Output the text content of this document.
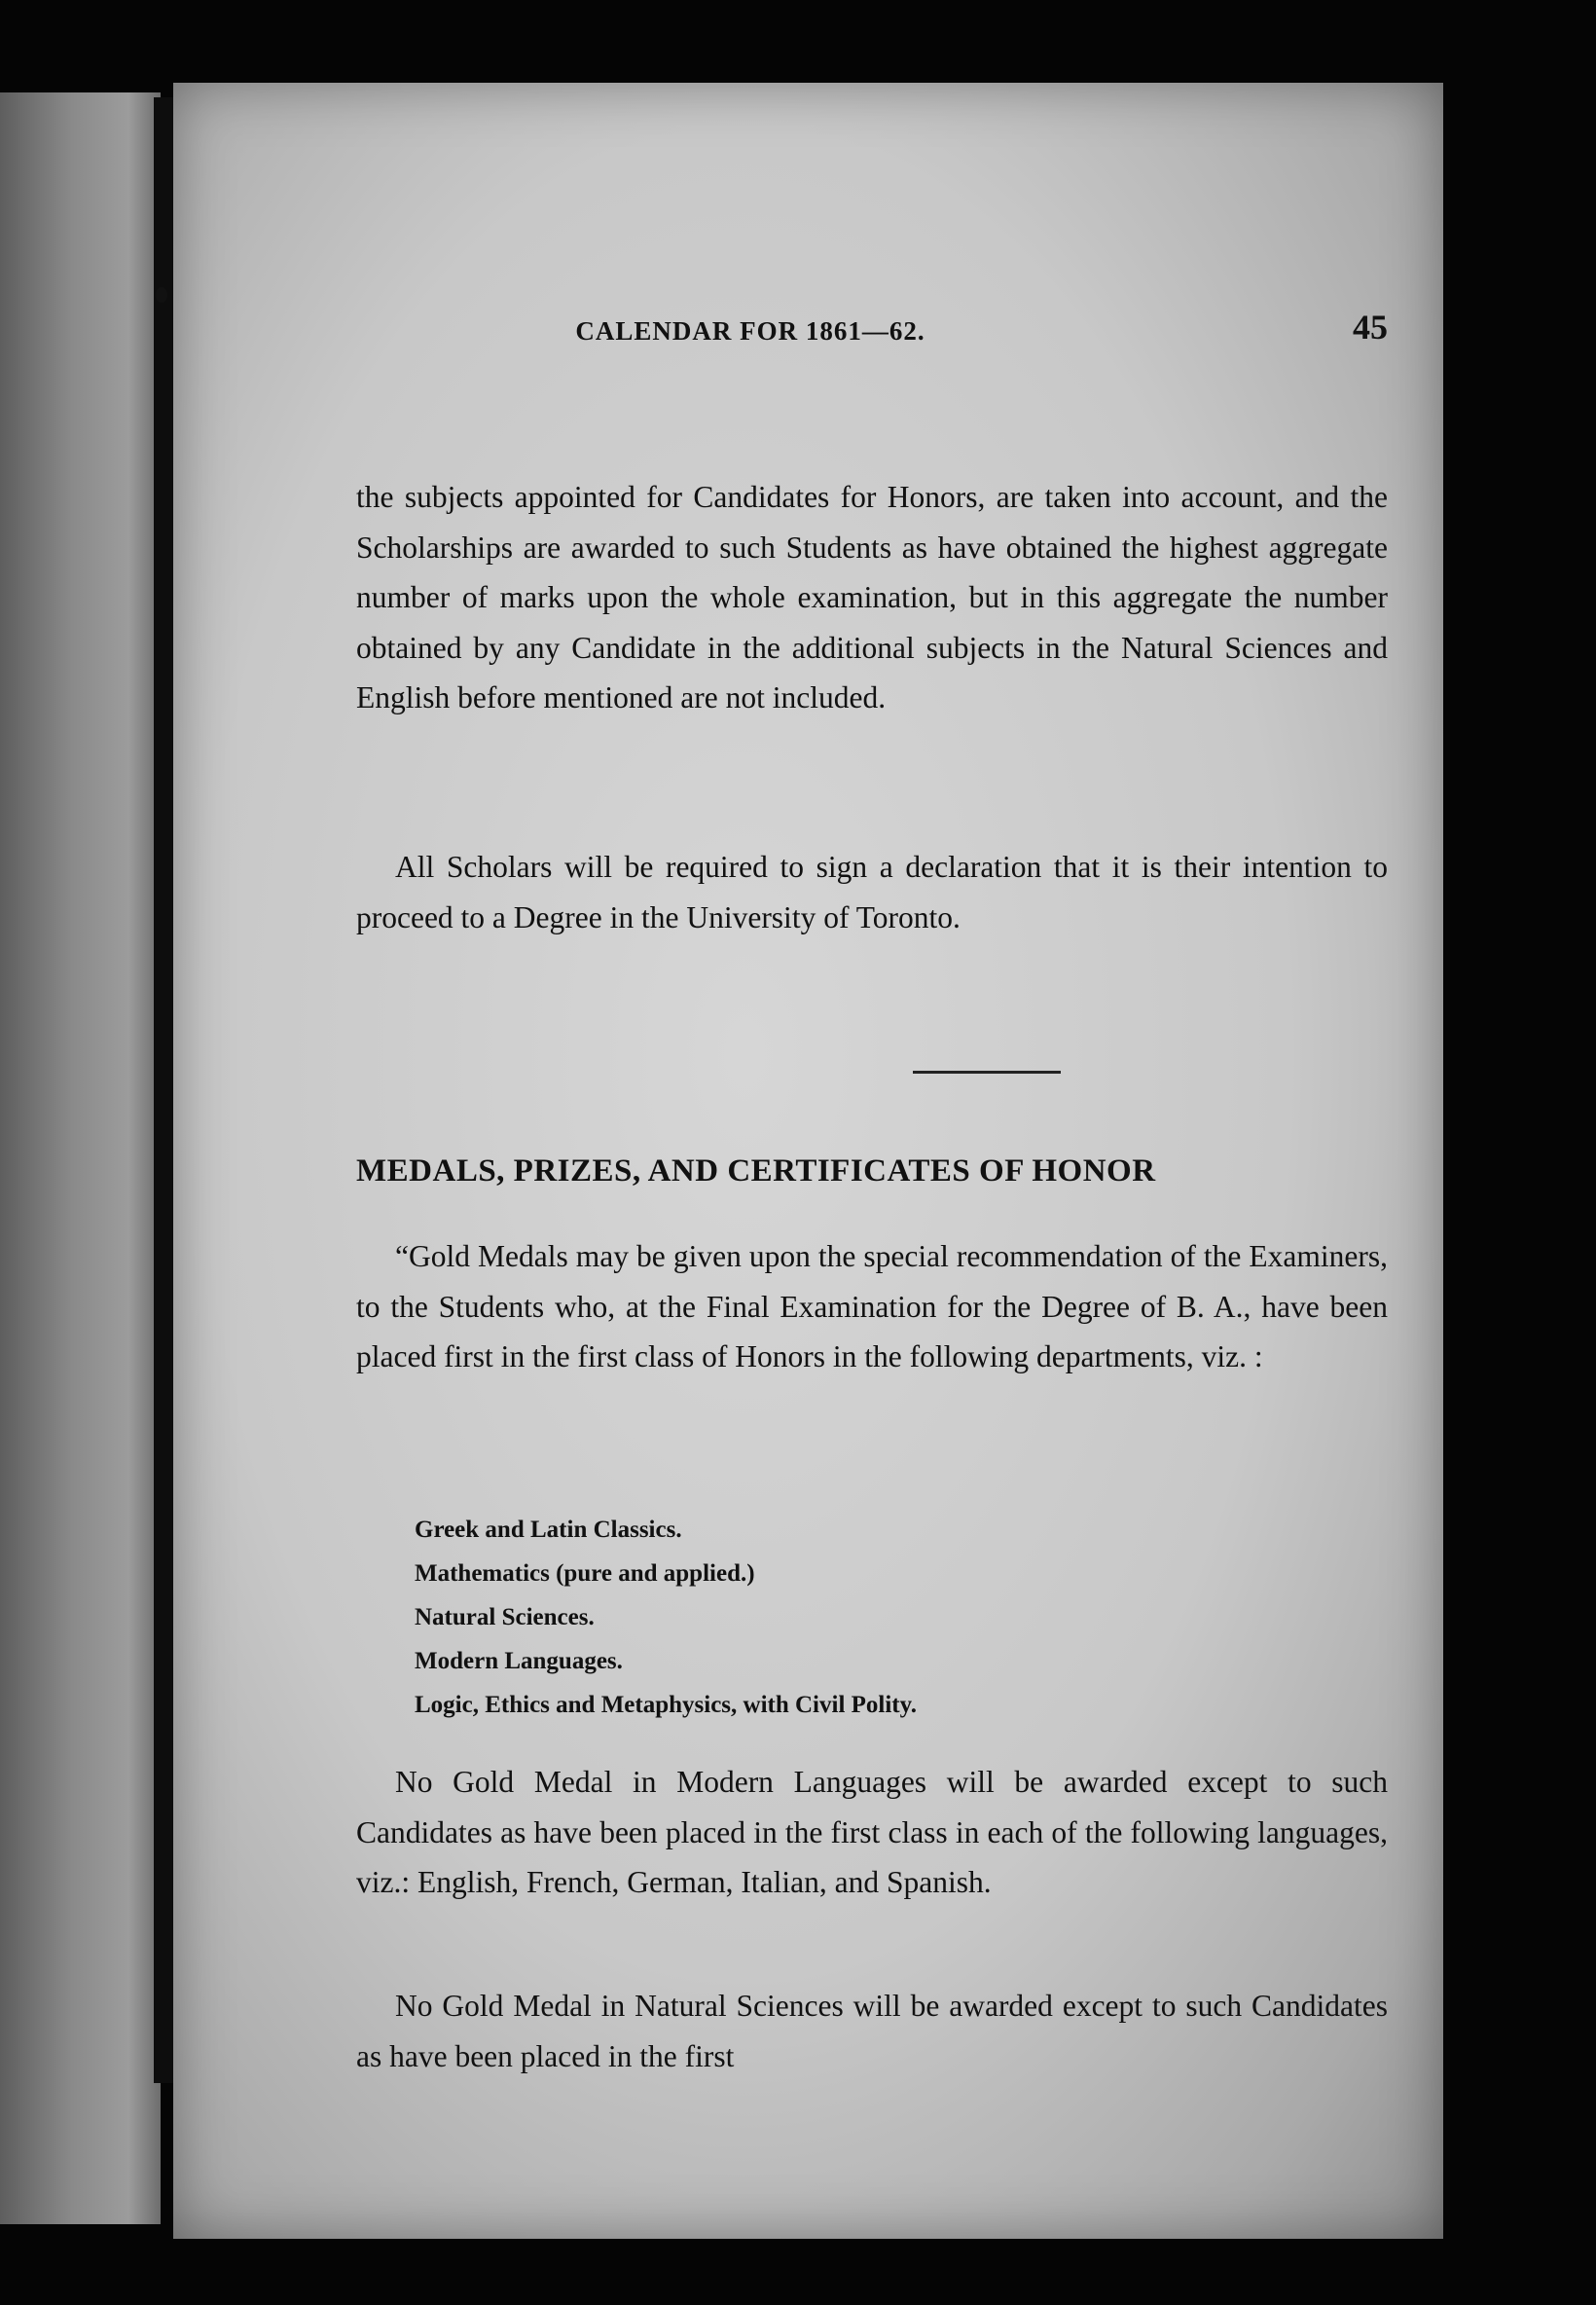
CALENDAR FOR 1861—62.	45

the subjects appointed for Candidates for Honors, are taken into account, and the Scholarships are awarded to such Students as have obtained the highest aggregate number of marks upon the whole examination, but in this aggregate the number obtained by any Candidate in the additional subjects in the Natural Sciences and English before mentioned are not included.

All Scholars will be required to sign a declaration that it is their intention to proceed to a Degree in the University of Toronto.

MEDALS, PRIZES, AND CERTIFICATES OF HONOR

“Gold Medals may be given upon the special recommendation of the Examiners, to the Students who, at the Final Examination for the Degree of B. A., have been placed first in the first class of Honors in the following departments, viz. :

Greek and Latin Classics.
Mathematics (pure and applied.)
Natural Sciences.
Modern Languages.
Logic, Ethics and Metaphysics, with Civil Polity.

No Gold Medal in Modern Languages will be awarded except to such Candidates as have been placed in the first class in each of the following languages, viz.: English, French, German, Italian, and Spanish.

No Gold Medal in Natural Sciences will be awarded except to such Candidates as have been placed in the first
